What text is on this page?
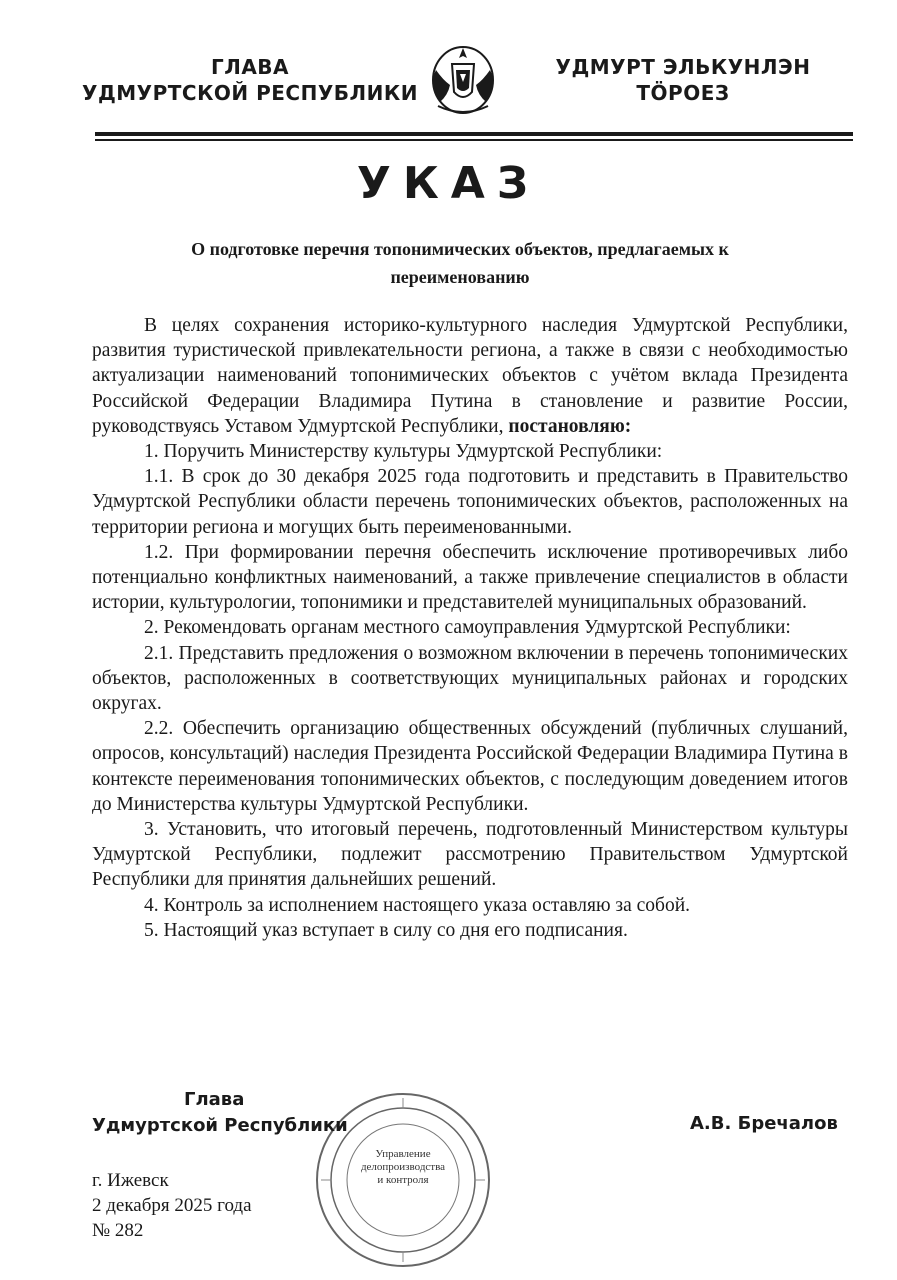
ГЛАВА
УДМУРТСКОЙ РЕСПУБЛИКИ
УДМУРТ ЭЛЬКУНЛЭН
ТӦРОЕЗ
УКАЗ
О подготовке перечня топонимических объектов, предлагаемых к
переименованию

В целях сохранения историко-культурного наследия Удмуртской Республики, развития туристической привлекательности региона, а также в связи с необходимостью актуализации наименований топонимических объектов с учётом вклада Президента Российской Федерации Владимира Путина в становление и развитие России, руководствуясь Уставом Удмуртской Республики, постановляю:

1. Поручить Министерству культуры Удмуртской Республики:

1.1. В срок до 30 декабря 2025 года подготовить и представить в Правительство Удмуртской Республики области перечень топонимических объектов, расположенных на территории региона и могущих быть переименованными.

1.2. При формировании перечня обеспечить исключение противоречивых либо потенциально конфликтных наименований, а также привлечение специалистов в области истории, культурологии, топонимики и представителей муниципальных образований.

2. Рекомендовать органам местного самоуправления Удмуртской Республики:

2.1. Представить предложения о возможном включении в перечень топонимических объектов, расположенных в соответствующих муниципальных районах и городских округах.

2.2. Обеспечить организацию общественных обсуждений (публичных слушаний, опросов, консультаций) наследия Президента Российской Федерации Владимира Путина в контексте переименования топонимических объектов, с последующим доведением итогов до Министерства культуры Удмуртской Республики.

3. Установить, что итоговый перечень, подготовленный Министерством культуры Удмуртской Республики, подлежит рассмотрению Правительством Удмуртской Республики для принятия дальнейших решений.

4. Контроль за исполнением настоящего указа оставляю за собой.

5. Настоящий указ вступает в силу со дня его подписания.

Управление
делопроизводства
и контроля
Глава
Удмуртской Республики	А.В. Бречалов
г. Ижевск
2 декабря 2025 года
№ 282
